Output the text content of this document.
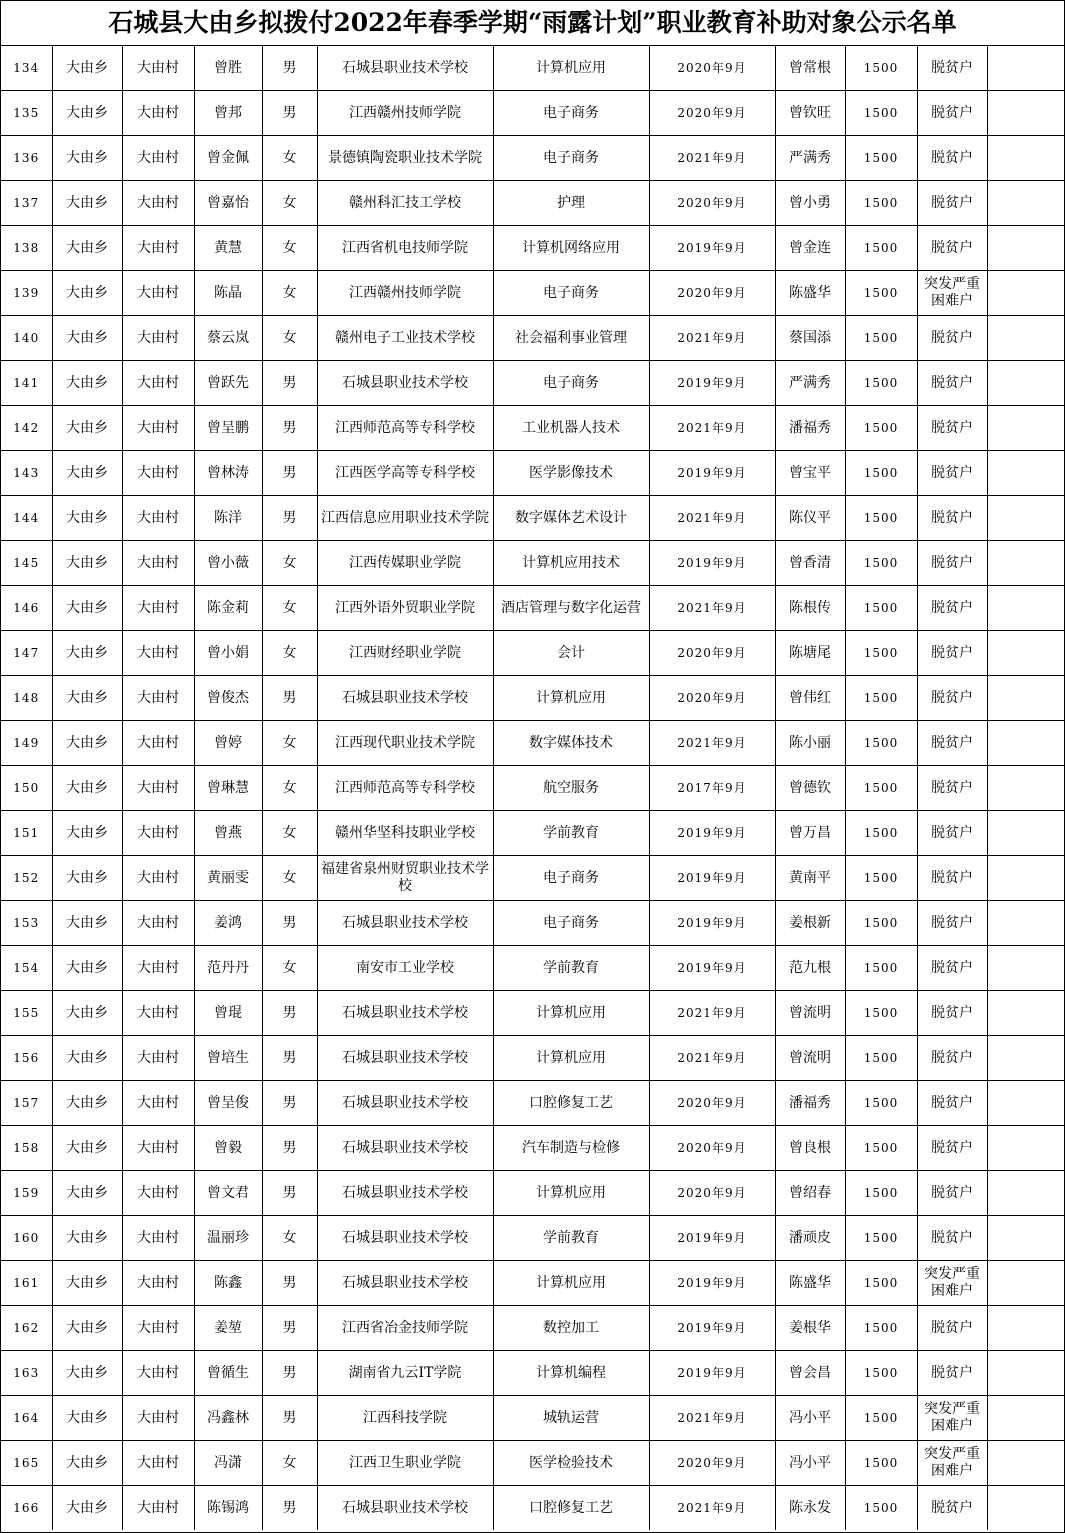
石城县大由乡拟拨付2022年春季学期“雨露计划”职业教育补助对象公示名单
134	大由乡	大由村	曾胜	男	石城县职业技术学校	计算机应用	2020年9月	曾常根	1500	脱贫户	
135	大由乡	大由村	曾邦	男	江西赣州技师学院	电子商务	2020年9月	曾钦旺	1500	脱贫户	
136	大由乡	大由村	曾金佩	女	景德镇陶瓷职业技术学院	电子商务	2021年9月	严满秀	1500	脱贫户	
137	大由乡	大由村	曾嘉怡	女	赣州科汇技工学校	护理	2020年9月	曾小勇	1500	脱贫户	
138	大由乡	大由村	黄慧	女	江西省机电技师学院	计算机网络应用	2019年9月	曾金连	1500	脱贫户	
139	大由乡	大由村	陈晶	女	江西赣州技师学院	电子商务	2020年9月	陈盛华	1500	突发严重困难户	
140	大由乡	大由村	蔡云岚	女	赣州电子工业技术学校	社会福利事业管理	2021年9月	蔡国添	1500	脱贫户	
141	大由乡	大由村	曾跃先	男	石城县职业技术学校	电子商务	2019年9月	严满秀	1500	脱贫户	
142	大由乡	大由村	曾呈鹏	男	江西师范高等专科学校	工业机器人技术	2021年9月	潘福秀	1500	脱贫户	
143	大由乡	大由村	曾林涛	男	江西医学高等专科学校	医学影像技术	2019年9月	曾宝平	1500	脱贫户	
144	大由乡	大由村	陈洋	男	江西信息应用职业技术学院	数字媒体艺术设计	2021年9月	陈仪平	1500	脱贫户	
145	大由乡	大由村	曾小薇	女	江西传媒职业学院	计算机应用技术	2019年9月	曾香清	1500	脱贫户	
146	大由乡	大由村	陈金莉	女	江西外语外贸职业学院	酒店管理与数字化运营	2021年9月	陈根传	1500	脱贫户	
147	大由乡	大由村	曾小娟	女	江西财经职业学院	会计	2020年9月	陈塘尾	1500	脱贫户	
148	大由乡	大由村	曾俊杰	男	石城县职业技术学校	计算机应用	2020年9月	曾伟红	1500	脱贫户	
149	大由乡	大由村	曾婷	女	江西现代职业技术学院	数字媒体技术	2021年9月	陈小丽	1500	脱贫户	
150	大由乡	大由村	曾琳慧	女	江西师范高等专科学校	航空服务	2017年9月	曾德钦	1500	脱贫户	
151	大由乡	大由村	曾燕	女	赣州华坚科技职业学校	学前教育	2019年9月	曾万昌	1500	脱贫户	
152	大由乡	大由村	黄丽雯	女	福建省泉州财贸职业技术学校	电子商务	2019年9月	黄南平	1500	脱贫户	
153	大由乡	大由村	姜鸿	男	石城县职业技术学校	电子商务	2019年9月	姜根新	1500	脱贫户	
154	大由乡	大由村	范丹丹	女	南安市工业学校	学前教育	2019年9月	范九根	1500	脱贫户	
155	大由乡	大由村	曾琨	男	石城县职业技术学校	计算机应用	2021年9月	曾流明	1500	脱贫户	
156	大由乡	大由村	曾培生	男	石城县职业技术学校	计算机应用	2021年9月	曾流明	1500	脱贫户	
157	大由乡	大由村	曾呈俊	男	石城县职业技术学校	口腔修复工艺	2020年9月	潘福秀	1500	脱贫户	
158	大由乡	大由村	曾毅	男	石城县职业技术学校	汽车制造与检修	2020年9月	曾良根	1500	脱贫户	
159	大由乡	大由村	曾文君	男	石城县职业技术学校	计算机应用	2020年9月	曾绍春	1500	脱贫户	
160	大由乡	大由村	温丽珍	女	石城县职业技术学校	学前教育	2019年9月	潘顽皮	1500	脱贫户	
161	大由乡	大由村	陈鑫	男	石城县职业技术学校	计算机应用	2019年9月	陈盛华	1500	突发严重困难户	
162	大由乡	大由村	姜堃	男	江西省冶金技师学院	数控加工	2019年9月	姜根华	1500	脱贫户	
163	大由乡	大由村	曾循生	男	湖南省九云IT学院	计算机编程	2019年9月	曾会昌	1500	脱贫户	
164	大由乡	大由村	冯鑫林	男	江西科技学院	城轨运营	2021年9月	冯小平	1500	突发严重困难户	
165	大由乡	大由村	冯潇	女	江西卫生职业学院	医学检验技术	2020年9月	冯小平	1500	突发严重困难户	
166	大由乡	大由村	陈锡鸿	男	石城县职业技术学校	口腔修复工艺	2021年9月	陈永发	1500	脱贫户	
